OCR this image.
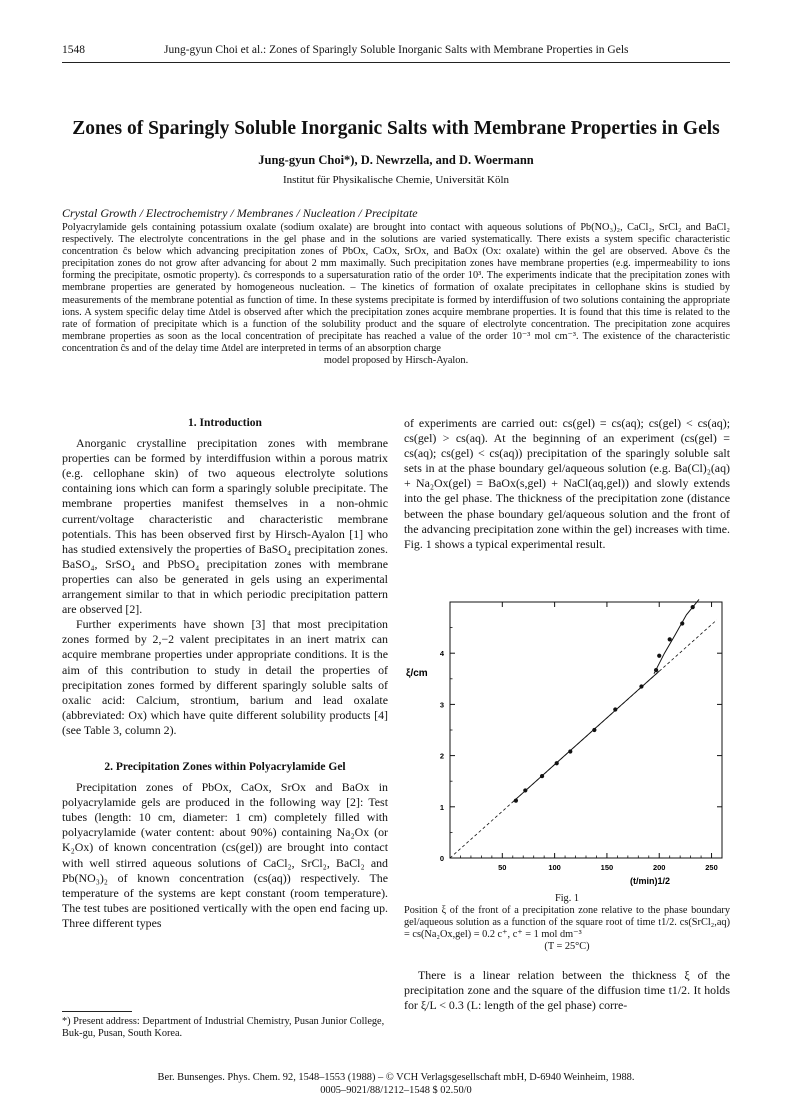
1548	Jung-gyun Choi et al.: Zones of Sparingly Soluble Inorganic Salts with Membrane Properties in Gels
Zones of Sparingly Soluble Inorganic Salts with Membrane Properties in Gels
Jung-gyun Choi*), D. Newrzella, and D. Woermann
Institut für Physikalische Chemie, Universität Köln
Crystal Growth / Electrochemistry / Membranes / Nucleation / Precipitate
Polyacrylamide gels containing potassium oxalate (sodium oxalate) are brought into contact with aqueous solutions of Pb(NO₃)₂, CaCl₂, SrCl₂ and BaCl₂ respectively. The electrolyte concentrations in the gel phase and in the solutions are varied systematically. There exists a system specific characteristic concentration ĉs below which advancing precipitation zones of PbOx, CaOx, SrOx, and BaOx (Ox: oxalate) within the gel are observed. Above ĉs the precipitation zones do not grow after advancing for about 2 mm maximally. Such precipitation zones have membrane properties (e.g. impermeability to ions forming the precipitate, osmotic property). ĉs corresponds to a supersaturation ratio of the order 10³. The experiments indicate that the precipitation zones with membrane properties are generated by homogeneous nucleation. – The kinetics of formation of oxalate precipitates in cellophane skins is studied by measurements of the membrane potential as function of time. In these systems precipitate is formed by interdiffusion of two solutions containing the appropriate ions. A system specific delay time Δtdel is observed after which the precipitation zones acquire membrane properties. It is found that this time is related to the rate of formation of precipitate which is a function of the solubility product and the square of electrolyte concentration. The precipitation zone acquires membrane properties as soon as the local concentration of precipitate has reached a value of the order 10⁻³ mol cm⁻³. The existence of the characteristic concentration ĉs and of the delay time Δtdel are interpreted in terms of an absorption charge
model proposed by Hirsch-Ayalon.
1. Introduction

Anorganic crystalline precipitation zones with membrane properties can be formed by interdiffusion within a porous matrix (e.g. cellophane skin) of two aqueous electrolyte solutions containing ions which can form a sparingly soluble precipitate. The membrane properties manifest themselves in a non-ohmic current/voltage characteristic and characteristic membrane potentials. This has been observed first by Hirsch-Ayalon [1] who has studied extensively the properties of BaSO₄ precipitation zones. BaSO₄, SrSO₄ and PbSO₄ precipitation zones with membrane properties can also be generated in gels using an experimental arrangement similar to that in which periodic precipitation pattern are observed [2].

Further experiments have shown [3] that most precipitation zones formed by 2,−2 valent precipitates in an inert matrix can acquire membrane properties under appropriate conditions. It is the aim of this contribution to study in detail the properties of precipitation zones formed by different sparingly soluble salts of oxalic acid: Calcium, strontium, barium and lead oxalate (abbreviated: Ox) which have quite different solubility products [4] (see Table 3, column 2).

2. Precipitation Zones within Polyacrylamide Gel

Precipitation zones of PbOx, CaOx, SrOx and BaOx in polyacrylamide gels are produced in the following way [2]: Test tubes (length: 10 cm, diameter: 1 cm) completely filled with polyacrylamide (water content: about 90%) containing Na₂Ox (or K₂Ox) of known concentration (cs(gel)) are brought into contact with well stirred aqueous solutions of CaCl₂, SrCl₂, BaCl₂ and Pb(NO₃)₂ of known concentration (cs(aq)) respectively. The temperature of the systems are kept constant (room temperature). The test tubes are positioned vertically with the open end facing up. Three different types

of experiments are carried out: cs(gel) = cs(aq); cs(gel) < cs(aq); cs(gel) > cs(aq). At the beginning of an experiment (cs(gel) = cs(aq); cs(gel) < cs(aq)) precipitation of the sparingly soluble salt sets in at the phase boundary gel/aqueous solution (e.g. Ba(Cl)₂(aq) + Na₂Ox(gel) = BaOx(s,gel) + NaCl(aq,gel)) and slowly extends into the gel phase. The thickness of the precipitation zone (distance between the phase boundary gel/aqueous solution and the front of the advancing precipitation zone within the gel) increases with time. Fig. 1 shows a typical experimental result.

50	100	150	200	250
0
1
2
3
4
ξ/cm
(t/min)1/2
Fig. 1
Position ξ of the front of a precipitation zone relative to the phase boundary gel/aqueous solution as a function of the square root of time t1/2. cs(SrCl₂,aq) = cs(Na₂Ox,gel) = 0.2 c⁺, c⁺ = 1 mol dm⁻³
(T = 25°C)

There is a linear relation between the thickness ξ of the precipitation zone and the square of the diffusion time t1/2. It holds for ξ/L < 0.3 (L: length of the gel phase) corre-

*) Present address: Department of Industrial Chemistry, Pusan Junior College, Buk-gu, Pusan, South Korea.
Ber. Bunsenges. Phys. Chem. 92, 1548–1553 (1988) – © VCH Verlagsgesellschaft mbH, D-6940 Weinheim, 1988.
0005–9021/88/1212–1548 $ 02.50/0
